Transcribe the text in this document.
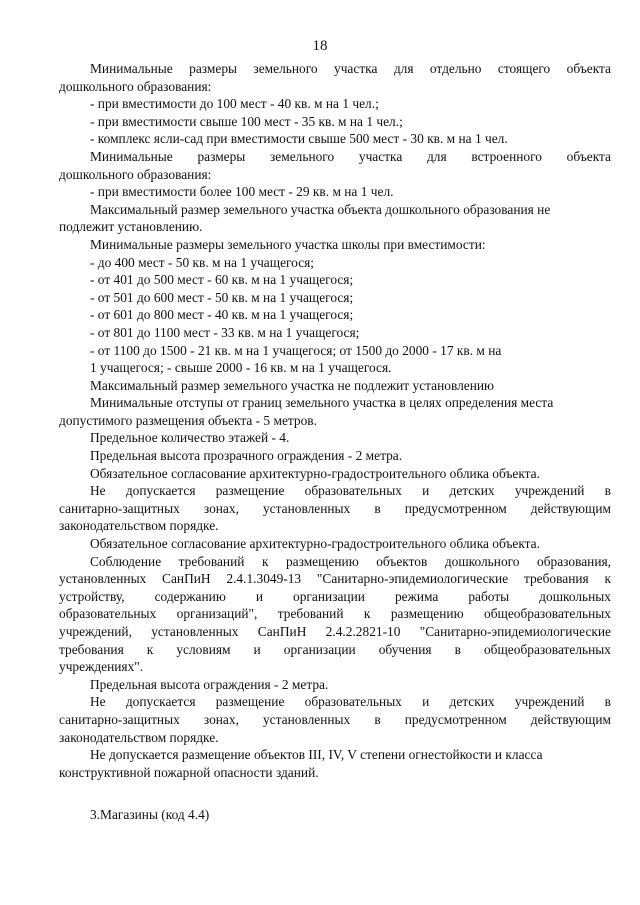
18

Минимальные размеры земельного участка для отдельно стоящего объекта

дошкольного образования:

- при вместимости до 100 мест - 40 кв. м на 1 чел.;

- при вместимости свыше 100 мест - 35 кв. м на 1 чел.;

- комплекс ясли-сад при вместимости свыше 500 мест - 30 кв. м на 1 чел.

Минимальные размеры земельного участка для встроенного объекта

дошкольного образования:

- при вместимости более 100 мест - 29 кв. м на 1 чел.

Максимальный размер земельного участка объекта дошкольного образования не

подлежит установлению.

Минимальные размеры земельного участка школы при вместимости:

- до 400 мест - 50 кв. м на 1 учащегося;

- от 401 до 500 мест - 60 кв. м на 1 учащегося;

- от 501 до 600 мест - 50 кв. м на 1 учащегося;

- от 601 до 800 мест - 40 кв. м на 1 учащегося;

- от 801 до 1100 мест - 33 кв. м на 1 учащегося;

- от 1100 до 1500 - 21 кв. м на 1 учащегося; от 1500 до 2000 - 17 кв. м на

1 учащегося; - свыше 2000 - 16 кв. м на 1 учащегося.

Максимальный размер земельного участка не подлежит установлению

Минимальные отступы от границ земельного участка в целях определения места

допустимого размещения объекта - 5 метров.

Предельное количество этажей - 4.

Предельная высота прозрачного ограждения - 2 метра.

Обязательное согласование архитектурно-градостроительного облика объекта.

Не допускается размещение образовательных и детских учреждений в

санитарно-защитных зонах, установленных в предусмотренном действующим

законодательством порядке.

Обязательное согласование архитектурно-градостроительного облика объекта.

Соблюдение требований к размещению объектов дошкольного образования,

установленных СанПиН 2.4.1.3049-13 "Санитарно-эпидемиологические требования к

устройству, содержанию и организации режима работы дошкольных

образовательных организаций", требований к размещению общеобразовательных

учреждений, установленных СанПиН 2.4.2.2821-10 "Санитарно-эпидемиологические

требования к условиям и организации обучения в общеобразовательных

учреждениях".

Предельная высота ограждения - 2 метра.

Не допускается размещение образовательных и детских учреждений в

санитарно-защитных зонах, установленных в предусмотренном действующим

законодательством порядке.

Не допускается размещение объектов III, IV, V степени огнестойкости и класса

конструктивной пожарной опасности зданий.

3.Магазины (код 4.4)
